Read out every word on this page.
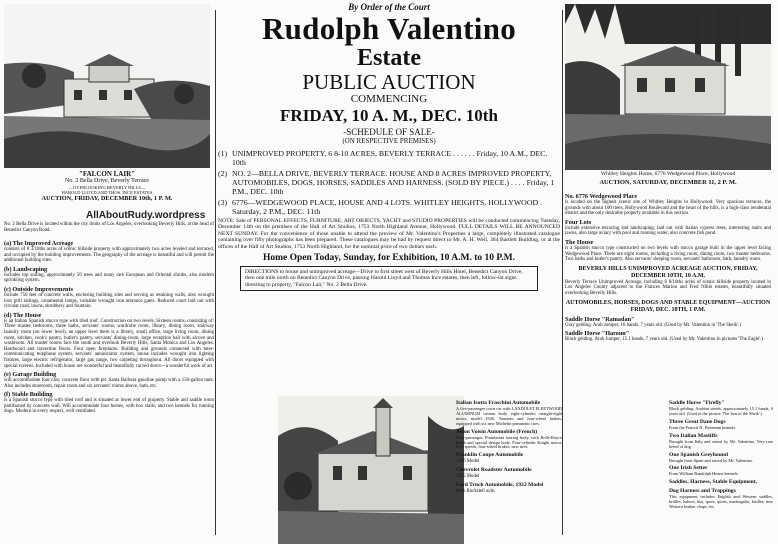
"FALCON LAIR"
No. 2 Bella Drive, Beverly Terrace
—OVERLOOKING BEVERLY HILLS—
HAROLD LLOYD AND THOS. INCE ESTATES
AUCTION, FRIDAY, DECEMBER 10th, 1 P. M.
AllAboutRudy.wordpress
No. 2 Bella Drive is located within the city limits of Los Angeles, overlooking Beverly Hills, at the head of Benedict Canyon Road.
(a) The Improved Acreage
consists of 8 3/10ths acres of scenic hillside property with approximately two acres leveled and terraced, and occupied by the building improvements. The geography of the acreage is beautiful and will permit the additional building sites.
(b) Landscaping
includes top soiling, approximately 50 trees and many rare European and Oriental shrubs, also modern sprinkling system.
(c) Outside Improvements
include 750 feet of concrete walls, enclosing building sites and serving as retaining walls, also wrought iron grill railings, ornamental lamps, valuable wrought iron entrance gates. Reduced court laid out with circular road, lawns, shrubbery and fountain.
(d) The House
is an Italian Spanish stucco type with tiled roof. Construction on two levels. Sixteen rooms, consisting of: Three master bedrooms, three baths, servants' rooms, wardrobe room, library, dining room, stairway laundry room (on lower level), an upper level there is a library, small office, large living room, dining room, kitchen, cook's pantry, butler's pantry, servants' dining-room, large reception hall with alcove and washroom. All master rooms face the south and overlook Beverly Hills, Santa Monica and Los Angeles. Hardwood and travertine floors. Four open fireplaces. Building and grounds connected with inter-communicating telephone system, servants' annunciator system, house includes wrought iron lighting fixtures, large electric refrigerator, large gas range, two carpeting throughout. All doors equipped with special screens. Included with house are wonderful and beautifully carved doors—a wonderful work of art.
(e) Garage Building
will accommodate four cars; concrete floor with pit. Santa Barbara gasoline pump with a 150-gallon tank. Also includes storeroom, repair room and six servants' rooms above, bath, etc.
(f) Stable Building
is a Spanish stucco type with tiled roof and is situated at lower end of property. Stable and saddle room partitioned by concrete wall. Will accommodate four horses, with box stalls, and two kennels for running dogs. Modern in every respect, well ventilated.
By Order of the Court
Rudolph Valentino
Estate
PUBLIC AUCTION
COMMENCING
FRIDAY, 10 A. M., DEC. 10th
-SCHEDULE OF SALE-
(ON RESPECTIVE PREMISES)
(1) UNIMPROVED PROPERTY, 6 8-10 ACRES, BEVERLY TERRACE . . . . . . Friday, 10 A.M., DEC. 10th
(2) NO. 2—BELLA DRIVE, BEVERLY TERRACE. HOUSE AND 8 ACRES IMPROVED PROPERTY, AUTOMOBILES, DOGS, HORSES, SADDLES AND HARNESS. (SOLD BY PIECE.) . . . . Friday, 1 P.M., DEC. 10th
(3) 6776—WEDGEWOOD PLACE, HOUSE AND 4 LOTS. WHITLEY HEIGHTS, HOLLYWOOD . Saturday, 2 P.M., DEC. 11th
NOTE: Sale of PERSONAL EFFECTS, FURNITURE, ART OBJECTS, YACHT and STUDIO PROPERTIES will be conducted commencing Tuesday, December 14th on the premises of the Hall of Art Studios, 1753 North Highland Avenue, Hollywood. FULL DETAILS WILL BE ANNOUNCED NEXT SUNDAY. For the convenience of those unable to attend the preview of Mr. Valentino's Properties a large, completely illustrated catalogue containing over fifty photographs has been prepared. These catalogues may be had by request direct to Mr. A. H. Weil, 304 Bartlett Building, or at the offices of the Hall of Art Studios, 1753 North Highland, for the nominal price of two dollars each.
Home Open Today, Sunday, for Exhibition, 10 A.M. to 10 P.M.
DIRECTIONS to house and unimproved acreage—Drive to first street west of Beverly Hills Hotel, Benedict Canyon Drive, then one mile north on Benedict Canyon Drive, passing Harold Lloyd and Thomas Ince estates, then left, follow-int signs directing to property, "Falcon Lair," No. 2 Bella Drive.
Italian Isotta Fraschini Automobile
A five-passenger town car with LANDOLET FLEETWOOD ALUMINUM custom body, eight-cylinder; straight-eight motor, model 1926. Tonneau and four-wheel brakes, equipped with six new Michelin pneumatic tires.
Avion Voisin Automobile (French)
Four-passenger, Pininfarina touring body, with Rolls-Royce finish and special design body. Four-cylinder Knight motor. Five speeds, four-wheel brakes, new tires.
Franklin Coupe Automobile
1926 Model
Chevrolet Roadster Automobile
1925 Model
Ford Truck Automobile, 1922 Model
With Ruckstell axle.
Whitley Heights Home, 6776 Wedgewood Place, Hollywood
AUCTION, SATURDAY, DECEMBER 11, 2 P. M.
No. 6776 Wedgewood Place
is located on the highest scenic site of Whitley Heights in Hollywood. Very spacious terraces, the grounds with about 100 trees, Hollywood Boulevard and the heart of the hills, is a high-class residential district and the only desirable property available in this section.
Four Lots
include extensive terracing and landscaping, laid out with Italian cypress trees, interesting stairs and lawns, also large aviary with pool and running water, also concrete fish pond.
The House
is a Spanish stucco type constructed on two levels with stucco garage built in the upper level facing Wedgewood Place. There are eight rooms, including a living room, dining room, two master bedrooms. Two baths and butler's pantry. Also servants' sleeping room, servants' bathroom, bath, laundry room.
BEVERLY HILLS UNIMPROVED ACREAGE AUCTION, FRIDAY, DECEMBER 10TH, 10 A.M.
Beverly Terrace Unimproved Acreage, including 6 8/10ths acres of scenic hillside property located in Los Angeles County adjacent to the Frances Marion and Fred Niblo estates, beautifully situated overlooking Beverly Hills.
AUTOMOBILES, HORSES, DOGS AND STABLE EQUIPMENT—AUCTION FRIDAY, DEC. 10TH, 1 P.M.
Saddle Horse "Ramadan"
Gray gelding. Arab Jumper, 16 hands, 7 years old. (Used by Mr. Valentino in 'The Sheik'.)
Saddle Horse "Haroun"
Black gelding. Arab Jumper, 15.1 hands, 7 years old. (Used by Mr. Valentino in pictures 'The Eagle'.)
Saddle Horse "Firefly"
Black gelding. Arabian steeds, approximately 15.1 hands, 6 years old. (Used in the picture 'The Son of the Sheik'.)
Three Great Dane Dogs
From the Francis N. Hoseman kennels.
Two Italian Mastiffs
Brought from Italy and raised by Mr. Valentino. Very rare breed of dog.
One Spanish Greyhound
Brought from Spain and raised by Mr. Valentino.
One Irish Setter
From William Randolph Hearst kennels.
Saddles, Harness, Stable Equipment,
Dog Harness and Trappings
This equipment includes English and Western saddles, bridles, halters, bits, spurs, quirts, martingales, bridles, new Western leather chaps, etc.
